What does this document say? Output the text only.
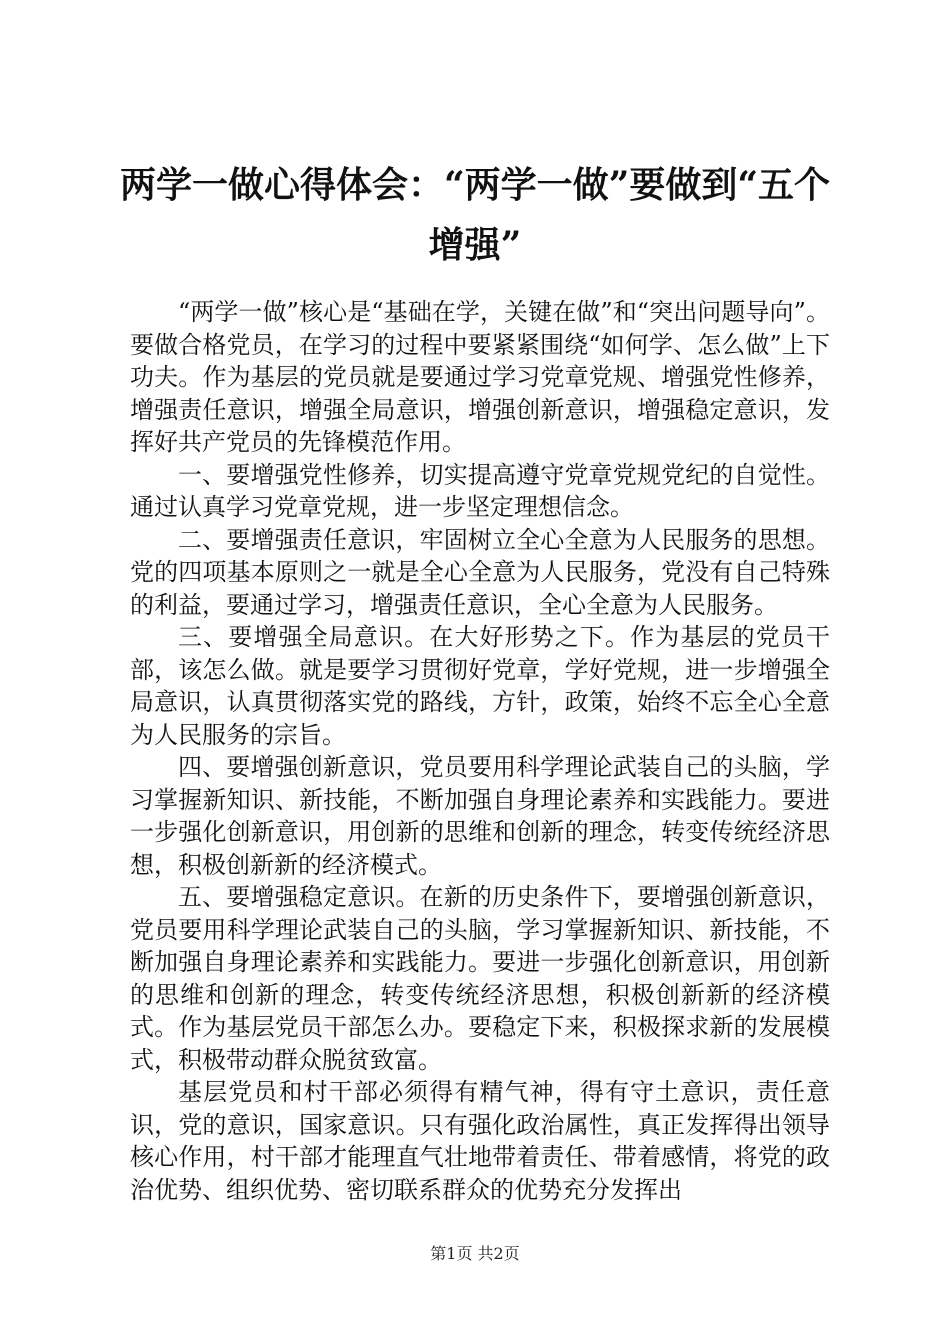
两学一做心得体会：“两学一做”要做到“五个增强”

“两学一做”核心是“基础在学，关键在做”和“突出问题导向”。要做合格党员，在学习的过程中要紧紧围绕“如何学、怎么做”上下功夫。作为基层的党员就是要通过学习党章党规、增强党性修养，增强责任意识，增强全局意识，增强创新意识，增强稳定意识，发挥好共产党员的先锋模范作用。

一、要增强党性修养，切实提高遵守党章党规党纪的自觉性。通过认真学习党章党规，进一步坚定理想信念。

二、要增强责任意识，牢固树立全心全意为人民服务的思想。党的四项基本原则之一就是全心全意为人民服务，党没有自己特殊的利益，要通过学习，增强责任意识，全心全意为人民服务。

三、要增强全局意识。在大好形势之下。作为基层的党员干部，该怎么做。就是要学习贯彻好党章，学好党规，进一步增强全局意识，认真贯彻落实党的路线，方针，政策，始终不忘全心全意为人民服务的宗旨。

四、要增强创新意识，党员要用科学理论武装自己的头脑，学习掌握新知识、新技能，不断加强自身理论素养和实践能力。要进一步强化创新意识，用创新的思维和创新的理念，转变传统经济思想，积极创新新的经济模式。

五、要增强稳定意识。在新的历史条件下，要增强创新意识，党员要用科学理论武装自己的头脑，学习掌握新知识、新技能，不断加强自身理论素养和实践能力。要进一步强化创新意识，用创新的思维和创新的理念，转变传统经济思想，积极创新新的经济模式。作为基层党员干部怎么办。要稳定下来，积极探求新的发展模式，积极带动群众脱贫致富。

基层党员和村干部必须得有精气神，得有守土意识，责任意识，党的意识，国家意识。只有强化政治属性，真正发挥得出领导核心作用，村干部才能理直气壮地带着责任、带着感情，将党的政治优势、组织优势、密切联系群众的优势充分发挥出

第1页 共2页
